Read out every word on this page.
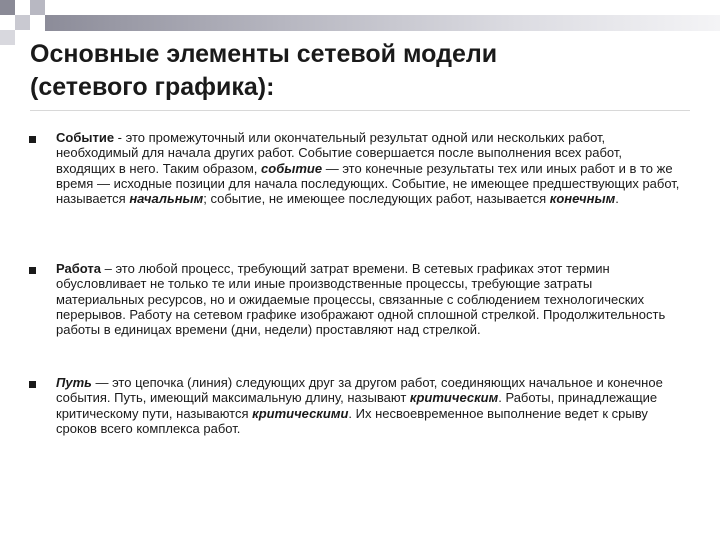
Основные элементы сетевой модели
(сетевого графика):
Событие - это промежуточный или окончательный результат одной или нескольких работ, необходимый для начала других работ. Событие совершается после выполнения всех работ, входящих в него. Таким образом, событие — это конечные результаты тех или иных работ и в то же время — исходные позиции для начала последующих. Событие, не имеющее предшествующих работ, называется начальным; событие, не имеющее последующих работ, называется конечным.
Работа – это любой процесс, требующий затрат времени. В сетевых графиках этот термин обусловливает не только те или иные производственные процессы, требующие затраты материальных ресурсов, но и ожидаемые процессы, связанные с соблюдением технологических перерывов. Работу на сетевом графике изображают одной сплошной стрелкой. Продолжительность работы в единицах времени (дни, недели) проставляют над стрелкой.
Путь — это цепочка (линия) следующих друг за другом работ, соединяющих начальное и конечное события. Путь, имеющий максимальную длину, называют критическим. Работы, принадлежащие критическому пути, называются критическими. Их несвоевременное выполнение ведет к срыву сроков всего комплекса работ.
